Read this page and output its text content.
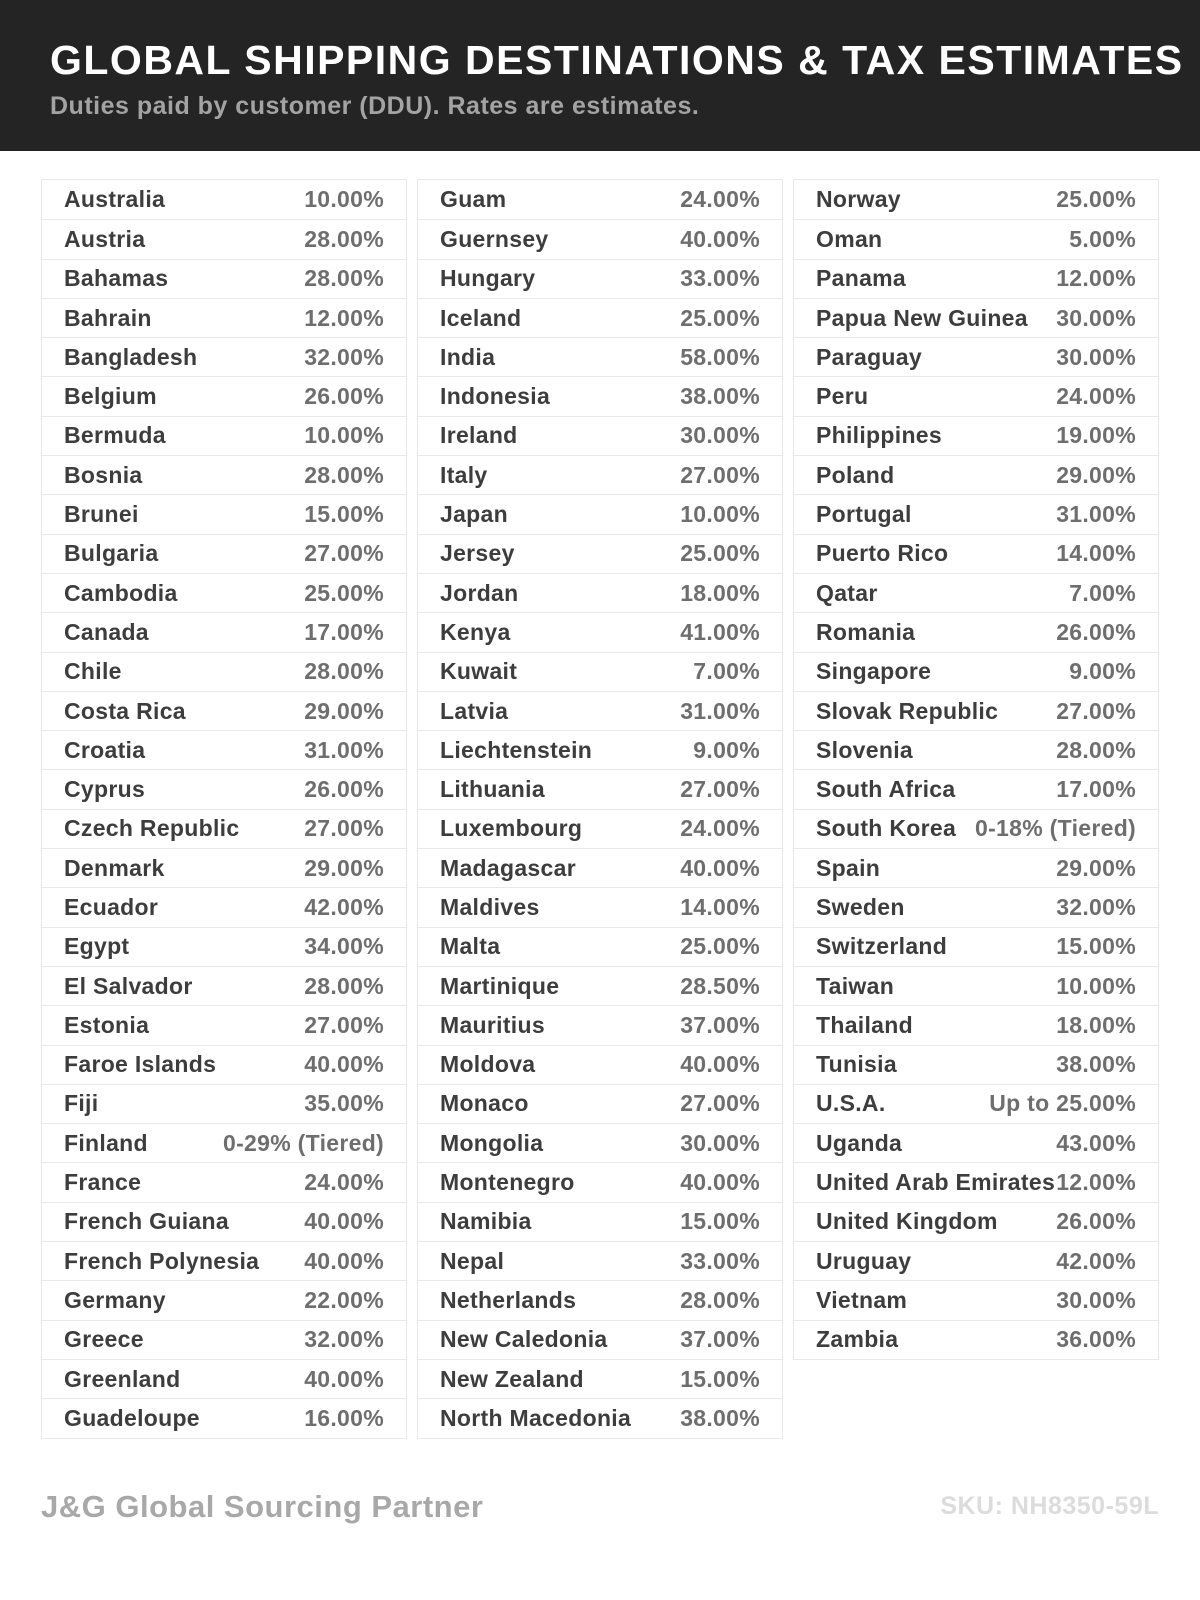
GLOBAL SHIPPING DESTINATIONS & TAX ESTIMATES

Duties paid by customer (DDU). Rates are estimates.

Australia	10.00%
Austria	28.00%
Bahamas	28.00%
Bahrain	12.00%
Bangladesh	32.00%
Belgium	26.00%
Bermuda	10.00%
Bosnia	28.00%
Brunei	15.00%
Bulgaria	27.00%
Cambodia	25.00%
Canada	17.00%
Chile	28.00%
Costa Rica	29.00%
Croatia	31.00%
Cyprus	26.00%
Czech Republic	27.00%
Denmark	29.00%
Ecuador	42.00%
Egypt	34.00%
El Salvador	28.00%
Estonia	27.00%
Faroe Islands	40.00%
Fiji	35.00%
Finland	0-29% (Tiered)
France	24.00%
French Guiana	40.00%
French Polynesia 40.00%
Germany	22.00%
Greece	32.00%
Greenland	40.00%
Guadeloupe	16.00%
Guam	24.00%
Guernsey	40.00%
Hungary	33.00%
Iceland	25.00%
India	58.00%
Indonesia	38.00%
Ireland	30.00%
Italy	27.00%
Japan	10.00%
Jersey	25.00%
Jordan	18.00%
Kenya	41.00%
Kuwait	7.00%
Latvia	31.00%
Liechtenstein	9.00%
Lithuania	27.00%
Luxembourg	24.00%
Madagascar	40.00%
Maldives	14.00%
Malta	25.00%
Martinique	28.50%
Mauritius	37.00%
Moldova	40.00%
Monaco	27.00%
Mongolia	30.00%
Montenegro	40.00%
Namibia	15.00%
Nepal	33.00%
Netherlands	28.00%
New Caledonia	37.00%
New Zealand	15.00%
North Macedonia 38.00%
Norway	25.00%
Oman	5.00%
Panama	12.00%
Papua New Guinea 30.00%
Paraguay	30.00%
Peru	24.00%
Philippines	19.00%
Poland	29.00%
Portugal	31.00%
Puerto Rico	14.00%
Qatar	7.00%
Romania	26.00%
Singapore	9.00%
Slovak Republic	27.00%
Slovenia	28.00%
South Africa	17.00%
South Korea 0-18% (Tiered)
Spain	29.00%
Sweden	32.00%
Switzerland	15.00%
Taiwan	10.00%
Thailand	18.00%
Tunisia	38.00%
U.S.A.	Up to 25.00%
Uganda	43.00%
United Arab Emirates 12.00%
United Kingdom	26.00%
Uruguay	42.00%
Vietnam	30.00%
Zambia	36.00%
J&G Global Sourcing Partner	SKU: NH8350-59L
